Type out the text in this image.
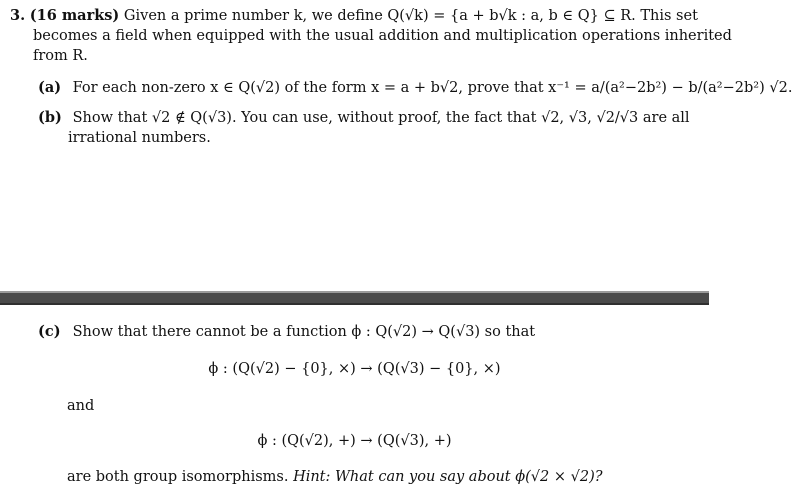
3. (16 marks) Given a prime number k, we define Q(√k) = {a + b√k : a, b ∈ Q} ⊆ R. This set

becomes a field when equipped with the usual addition and multiplication operations inherited

from R.

(a) For each non-zero x ∈ Q(√2) of the form x = a + b√2, prove that x⁻¹ = a/(a²−2b²) − b/(a²−2b²) √2.
(b) Show that √2 ∉ Q(√3). You can use, without proof, the fact that √2, √3, √2/√3 are all
irrational numbers.
(c) Show that there cannot be a function ϕ : Q(√2) → Q(√3) so that
ϕ : (Q(√2) − {0}, ×) → (Q(√3) − {0}, ×)
and
ϕ : (Q(√2), +) → (Q(√3), +)
are both group isomorphisms. Hint: What can you say about ϕ(√2 × √2)?
